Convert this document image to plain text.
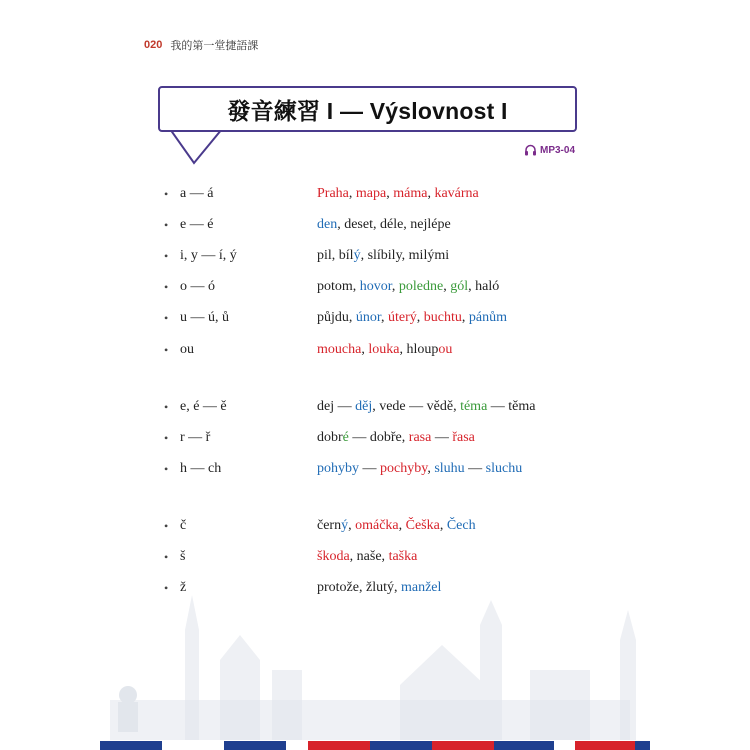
020 我的第一堂捷語課
發音練習 I — Výslovnost I
MP3-04
• a — á	Praha, mapa, máma, kavárna
• e — é	den, deset, déle, nejlépe
• i, y — í, ý	pil, bílý, slíbily, milými
• o — ó	potom, hovor, poledne, gól, haló
• u — ú, ů	půjdu, únor, úterý, buchtu, pánům
• ou	moucha, louka, hloupou
• e, é — ě	dej — děj, vede — vědě, téma — těma
• r — ř	dobré — dobře, rasa — řasa
• h — ch	pohyby — pochyby, sluhu — sluchu
• č	černý, omáčka, Češka, Čech
• š	škoda, naše, taška
• ž	protože, žlutý, manžel
